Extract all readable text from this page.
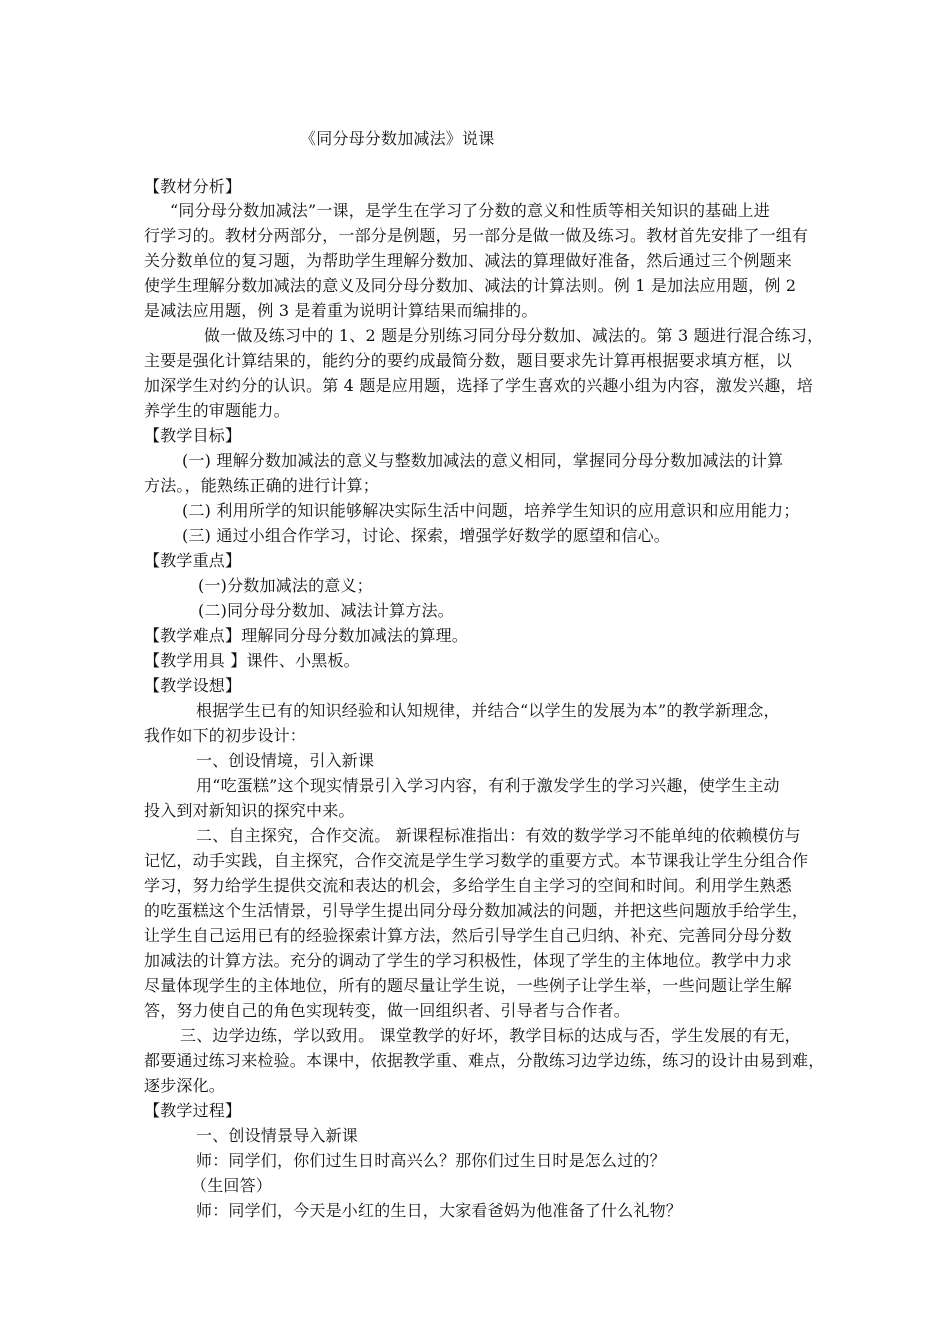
《同分母分数加减法》说课
【教材分析】
“同分母分数加减法”一课，是学生在学习了分数的意义和性质等相关知识的基础上进
行学习的。教材分两部分，一部分是例题，另一部分是做一做及练习。教材首先安排了一组有
关分数单位的复习题，为帮助学生理解分数加、减法的算理做好准备，然后通过三个例题来
使学生理解分数加减法的意义及同分母分数加、减法的计算法则。例 1 是加法应用题，例 2
是减法应用题，例 3 是着重为说明计算结果而编排的。
做一做及练习中的 1、2 题是分别练习同分母分数加、减法的。第 3 题进行混合练习，
主要是强化计算结果的，能约分的要约成最简分数，题目要求先计算再根据要求填方框，以
加深学生对约分的认识。第 4 题是应用题，选择了学生喜欢的兴趣小组为内容，激发兴趣，培
养学生的审题能力。
【教学目标】
(一) 理解分数加减法的意义与整数加减法的意义相同，掌握同分母分数加减法的计算
方法。，能熟练正确的进行计算；
(二) 利用所学的知识能够解决实际生活中问题，培养学生知识的应用意识和应用能力；
(三) 通过小组合作学习，讨论、探索，增强学好数学的愿望和信心。
【教学重点】
(一)分数加减法的意义；
(二)同分母分数加、减法计算方法。
【教学难点】理解同分母分数加减法的算理。
【教学用具 】课件、小黑板。
【教学设想】
根据学生已有的知识经验和认知规律，并结合“以学生的发展为本”的教学新理念，
我作如下的初步设计：
一、创设情境，引入新课
用“吃蛋糕”这个现实情景引入学习内容，有利于激发学生的学习兴趣，使学生主动
投入到对新知识的探究中来。
二、自主探究，合作交流。 新课程标准指出：有效的数学学习不能单纯的依赖模仿与
记忆，动手实践，自主探究，合作交流是学生学习数学的重要方式。本节课我让学生分组合作
学习，努力给学生提供交流和表达的机会，多给学生自主学习的空间和时间。利用学生熟悉
的吃蛋糕这个生活情景，引导学生提出同分母分数加减法的问题，并把这些问题放手给学生，
让学生自己运用已有的经验探索计算方法，然后引导学生自己归纳、补充、完善同分母分数
加减法的计算方法。充分的调动了学生的学习积极性，体现了学生的主体地位。教学中力求
尽量体现学生的主体地位，所有的题尽量让学生说，一些例子让学生举，一些问题让学生解
答，努力使自己的角色实现转变，做一回组织者、引导者与合作者。
三、边学边练，学以致用。 课堂教学的好坏，教学目标的达成与否，学生发展的有无，
都要通过练习来检验。本课中，依据教学重、难点，分散练习边学边练，练习的设计由易到难，
逐步深化。
【教学过程】
一、创设情景导入新课
师：同学们，你们过生日时高兴么？那你们过生日时是怎么过的？
（生回答）
师：同学们，今天是小红的生日，大家看爸妈为他准备了什么礼物？
